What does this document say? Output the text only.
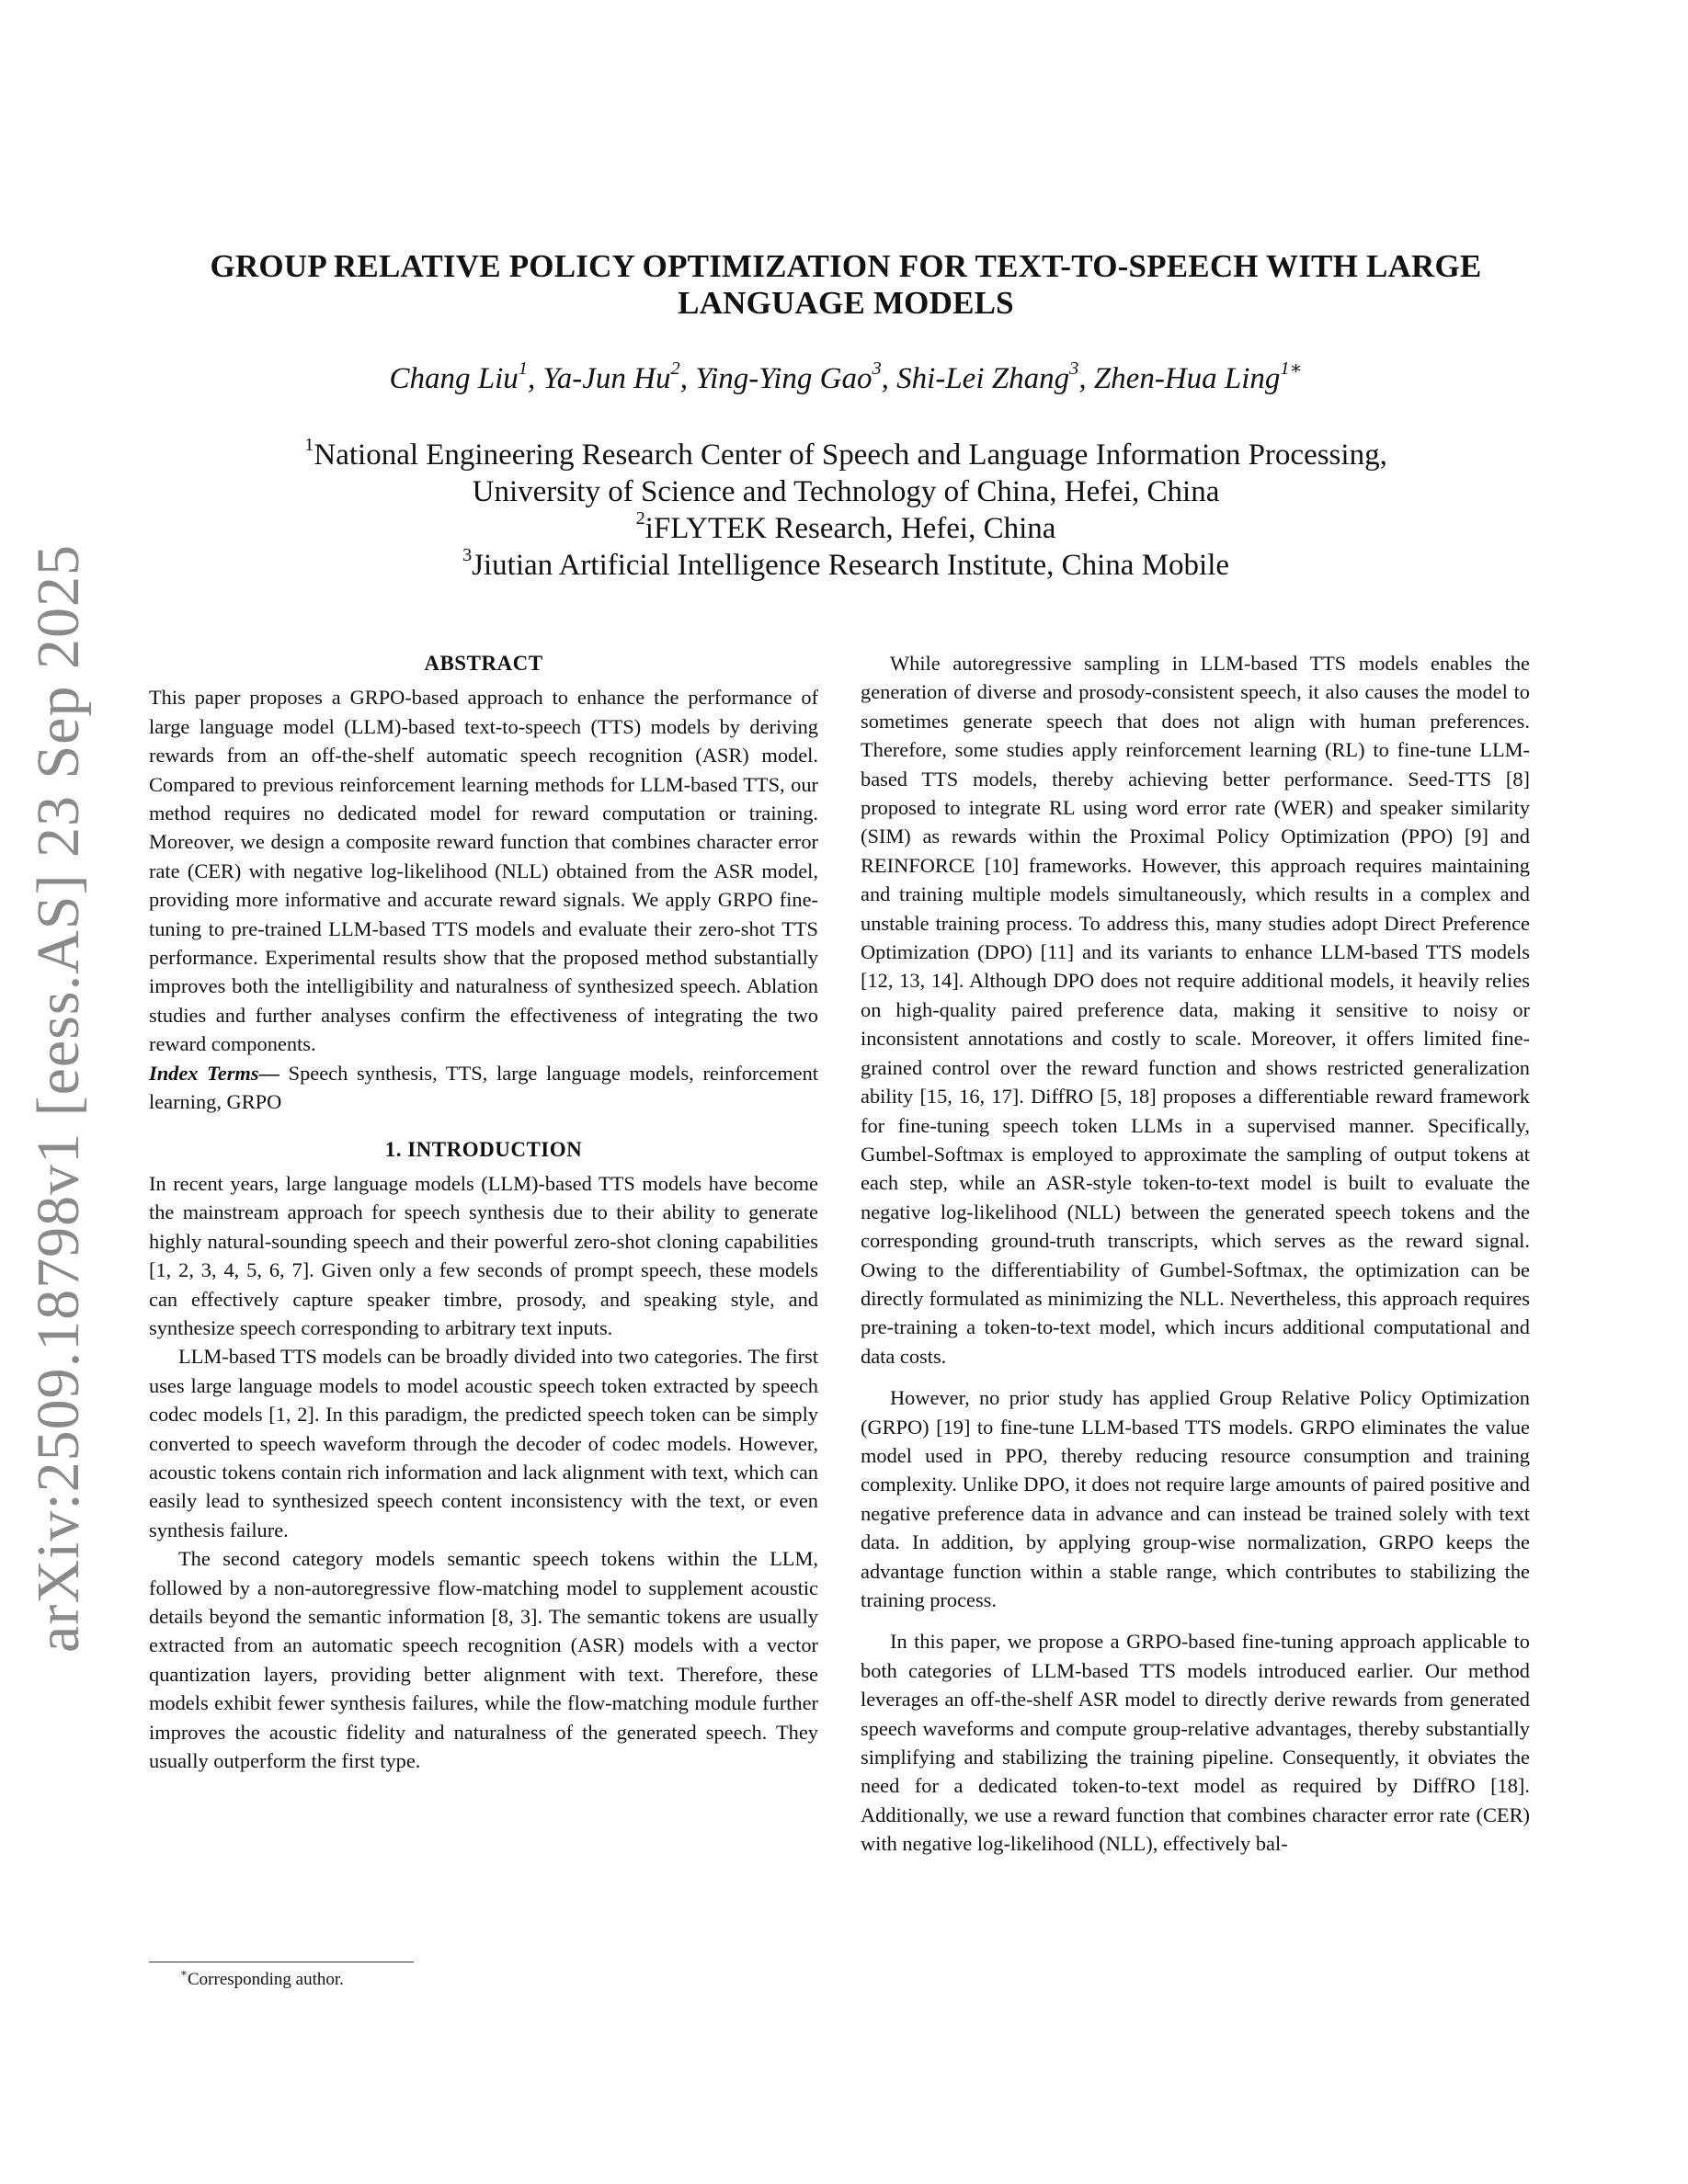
arXiv:2509.18798v1 [eess.AS] 23 Sep 2025
GROUP RELATIVE POLICY OPTIMIZATION FOR TEXT-TO-SPEECH WITH LARGE
LANGUAGE MODELS
Chang Liu$^1$, Ya-Jun Hu$^2$, Ying-Ying Gao$^3$, Shi-Lei Zhang$^3$, Zhen-Hua Ling$^{1∗}$
$^1$National Engineering Research Center of Speech and Language Information Processing,
University of Science and Technology of China, Hefei, China
$^2$iFLYTEK Research, Hefei, China
$^3$Jiutian Artificial Intelligence Research Institute, China Mobile
ABSTRACT

This paper proposes a GRPO-based approach to enhance the performance of large language model (LLM)-based text-to-speech (TTS) models by deriving rewards from an off-the-shelf automatic speech recognition (ASR) model. Compared to previous reinforcement learning methods for LLM-based TTS, our method requires no dedicated model for reward computation or training. Moreover, we design a composite reward function that combines character error rate (CER) with negative log-likelihood (NLL) obtained from the ASR model, providing more informative and accurate reward signals. We apply GRPO fine-tuning to pre-trained LLM-based TTS models and evaluate their zero-shot TTS performance. Experimental results show that the proposed method substantially improves both the intelligibility and naturalness of synthesized speech. Ablation studies and further analyses confirm the effectiveness of integrating the two reward components.

Index Terms— Speech synthesis, TTS, large language models, reinforcement learning, GRPO

1. INTRODUCTION

In recent years, large language models (LLM)-based TTS models have become the mainstream approach for speech synthesis due to their ability to generate highly natural-sounding speech and their powerful zero-shot cloning capabilities [1, 2, 3, 4, 5, 6, 7]. Given only a few seconds of prompt speech, these models can effectively capture speaker timbre, prosody, and speaking style, and synthesize speech corresponding to arbitrary text inputs.

LLM-based TTS models can be broadly divided into two categories. The first uses large language models to model acoustic speech token extracted by speech codec models [1, 2]. In this paradigm, the predicted speech token can be simply converted to speech waveform through the decoder of codec models. However, acoustic tokens contain rich information and lack alignment with text, which can easily lead to synthesized speech content inconsistency with the text, or even synthesis failure.

The second category models semantic speech tokens within the LLM, followed by a non-autoregressive flow-matching model to supplement acoustic details beyond the semantic information [8, 3]. The semantic tokens are usually extracted from an automatic speech recognition (ASR) models with a vector quantization layers, providing better alignment with text. Therefore, these models exhibit fewer synthesis failures, while the flow-matching module further improves the acoustic fidelity and naturalness of the generated speech. They usually outperform the first type.

While autoregressive sampling in LLM-based TTS models enables the generation of diverse and prosody-consistent speech, it also causes the model to sometimes generate speech that does not align with human preferences. Therefore, some studies apply reinforcement learning (RL) to fine-tune LLM-based TTS models, thereby achieving better performance. Seed-TTS [8] proposed to integrate RL using word error rate (WER) and speaker similarity (SIM) as rewards within the Proximal Policy Optimization (PPO) [9] and REINFORCE [10] frameworks. However, this approach requires maintaining and training multiple models simultaneously, which results in a complex and unstable training process. To address this, many studies adopt Direct Preference Optimization (DPO) [11] and its variants to enhance LLM-based TTS models [12, 13, 14]. Although DPO does not require additional models, it heavily relies on high-quality paired preference data, making it sensitive to noisy or inconsistent annotations and costly to scale. Moreover, it offers limited fine-grained control over the reward function and shows restricted generalization ability [15, 16, 17]. DiffRO [5, 18] proposes a differentiable reward framework for fine-tuning speech token LLMs in a supervised manner. Specifically, Gumbel-Softmax is employed to approximate the sampling of output tokens at each step, while an ASR-style token-to-text model is built to evaluate the negative log-likelihood (NLL) between the generated speech tokens and the corresponding ground-truth transcripts, which serves as the reward signal. Owing to the differentiability of Gumbel-Softmax, the optimization can be directly formulated as minimizing the NLL. Nevertheless, this approach requires pre-training a token-to-text model, which incurs additional computational and data costs.

However, no prior study has applied Group Relative Policy Optimization (GRPO) [19] to fine-tune LLM-based TTS models. GRPO eliminates the value model used in PPO, thereby reducing resource consumption and training complexity. Unlike DPO, it does not require large amounts of paired positive and negative preference data in advance and can instead be trained solely with text data. In addition, by applying group-wise normalization, GRPO keeps the advantage function within a stable range, which contributes to stabilizing the training process.

In this paper, we propose a GRPO-based fine-tuning approach applicable to both categories of LLM-based TTS models introduced earlier. Our method leverages an off-the-shelf ASR model to directly derive rewards from generated speech waveforms and compute group-relative advantages, thereby substantially simplifying and stabilizing the training pipeline. Consequently, it obviates the need for a dedicated token-to-text model as required by DiffRO [18]. Additionally, we use a reward function that combines character error rate (CER) with negative log-likelihood (NLL), effectively bal-

∗Corresponding author.
